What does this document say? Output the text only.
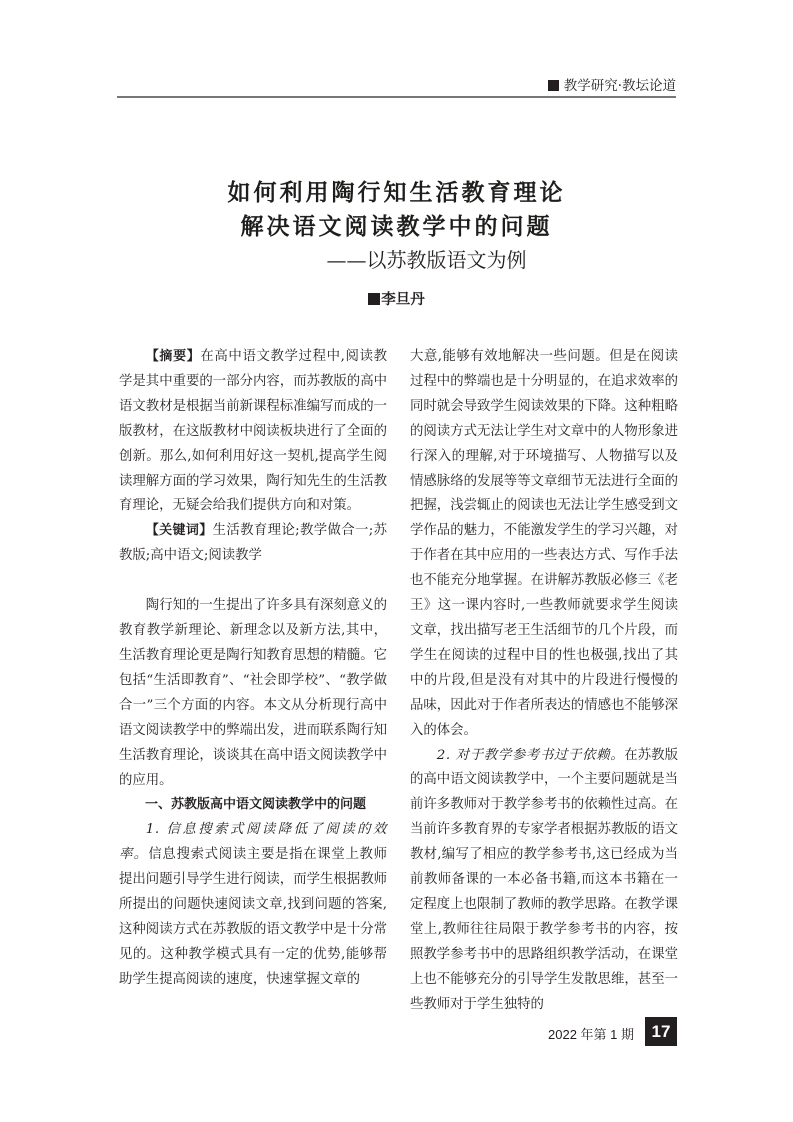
教学研究·教坛论道
如何利用陶行知生活教育理论
解决语文阅读教学中的问题
——以苏教版语文为例
李旦丹

【摘要】在高中语文教学过程中,阅读教学是其中重要的一部分内容，而苏教版的高中语文教材是根据当前新课程标准编写而成的一版教材，在这版教材中阅读板块进行了全面的创新。那么,如何利用好这一契机,提高学生阅读理解方面的学习效果，陶行知先生的生活教育理论，无疑会给我们提供方向和对策。

【关键词】生活教育理论;教学做合一;苏教版;高中语文;阅读教学

陶行知的一生提出了许多具有深刻意义的教育教学新理论、新理念以及新方法,其中，生活教育理论更是陶行知教育思想的精髓。它包括“生活即教育”、“社会即学校”、“教学做合一”三个方面的内容。本文从分析现行高中语文阅读教学中的弊端出发，进而联系陶行知生活教育理论，谈谈其在高中语文阅读教学中的应用。

一、苏教版高中语文阅读教学中的问题

1. 信息搜索式阅读降低了阅读的效率。信息搜索式阅读主要是指在课堂上教师提出问题引导学生进行阅读，而学生根据教师所提出的问题快速阅读文章,找到问题的答案,这种阅读方式在苏教版的语文教学中是十分常见的。这种教学模式具有一定的优势,能够帮助学生提高阅读的速度，快速掌握文章的

大意,能够有效地解决一些问题。但是在阅读过程中的弊端也是十分明显的，在追求效率的同时就会导致学生阅读效果的下降。这种粗略的阅读方式无法让学生对文章中的人物形象进行深入的理解,对于环境描写、人物描写以及情感脉络的发展等等文章细节无法进行全面的把握，浅尝辄止的阅读也无法让学生感受到文学作品的魅力，不能激发学生的学习兴趣，对于作者在其中应用的一些表达方式、写作手法也不能充分地掌握。在讲解苏教版必修三《老王》这一课内容时,一些教师就要求学生阅读文章，找出描写老王生活细节的几个片段，而学生在阅读的过程中目的性也极强,找出了其中的片段,但是没有对其中的片段进行慢慢的品味，因此对于作者所表达的情感也不能够深入的体会。

2. 对于教学参考书过于依赖。在苏教版的高中语文阅读教学中，一个主要问题就是当前许多教师对于教学参考书的依赖性过高。在当前许多教育界的专家学者根据苏教版的语文教材,编写了相应的教学参考书,这已经成为当前教师备课的一本必备书籍,而这本书籍在一定程度上也限制了教师的教学思路。在教学课堂上,教师往往局限于教学参考书的内容，按照教学参考书中的思路组织教学活动，在课堂上也不能够充分的引导学生发散思维，甚至一些教师对于学生独特的

2022 年第 1 期	17
